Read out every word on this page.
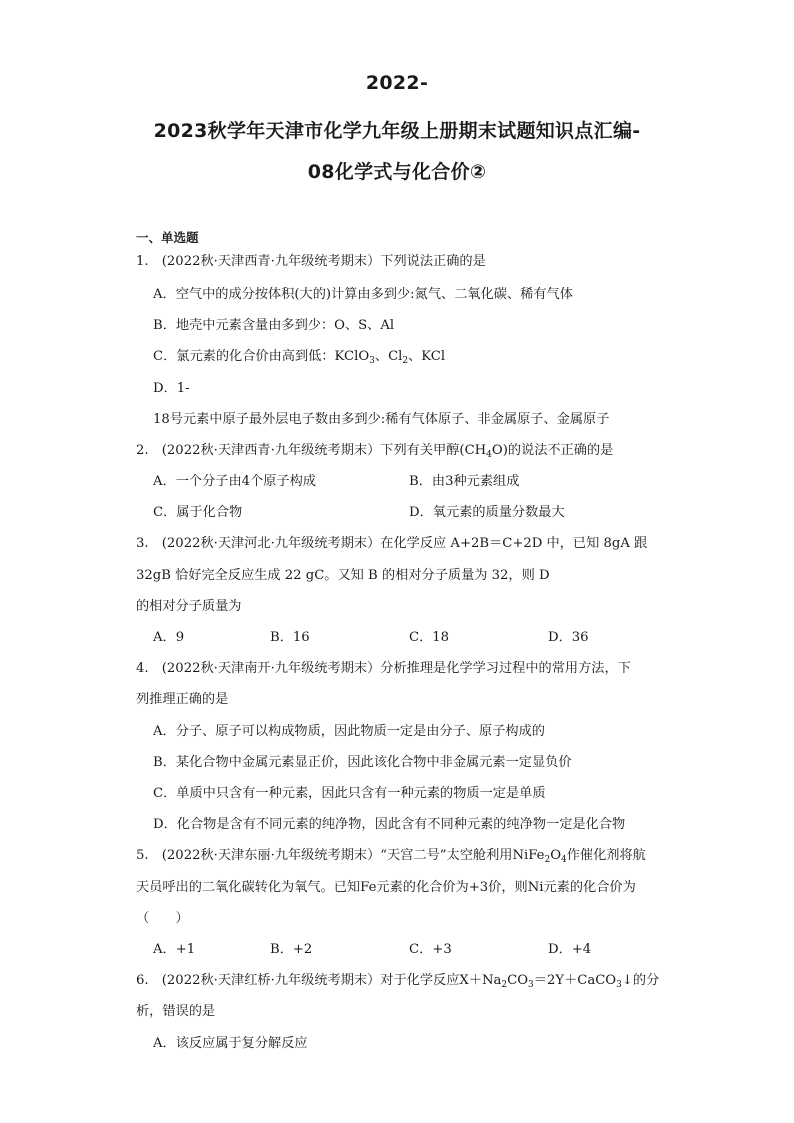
2022-
2023秋学年天津市化学九年级上册期末试题知识点汇编-
08化学式与化合价②
一、单选题
1.　(2022秋·天津西青·九年级统考期末）下列说法正确的是
A．空气中的成分按体积(大的)计算由多到少:氮气、二氧化碳、稀有气体
B．地壳中元素含量由多到少：O、S、Al
C．氯元素的化合价由高到低：KClO$_3$、$Cl_2$、KCl
D．1-
18号元素中原子最外层电子数由多到少:稀有气体原子、非金属原子、金属原子
2.　(2022秋·天津西青·九年级统考期末）下列有关甲醇$(CH_4O)$的说法不正确的是
A．一个分子由4个原子构成	B．由3种元素组成
C．属于化合物	D．氧元素的质量分数最大
3.　(2022秋·天津河北·九年级统考期末）在化学反应 A+2B＝C+2D 中，已知 8gA 跟
32gB 恰好完全反应生成 22 gC。又知 B 的相对分子质量为 32，则 D
的相对分子质量为
A．9	B．16	C．18	D．36
4.　(2022秋·天津南开·九年级统考期末）分析推理是化学学习过程中的常用方法，下
列推理正确的是
A．分子、原子可以构成物质，因此物质一定是由分子、原子构成的
B．某化合物中金属元素显正价，因此该化合物中非金属元素一定显负价
C．单质中只含有一种元素，因此只含有一种元素的物质一定是单质
D．化合物是含有不同元素的纯净物，因此含有不同种元素的纯净物一定是化合物
5.　(2022秋·天津东丽·九年级统考期末）“天宫二号”太空舱利用$NiFe_2O_4$作催化剂将航
天员呼出的二氧化碳转化为氧气。已知Fe元素的化合价为+3价，则Ni元素的化合价为
（　　）
A．+1	B．+2	C．+3	D．+4
6.　(2022秋·天津红桥·九年级统考期末）对于化学反应$X+Na_2CO_3=2Y+CaCO_3↓$的分
析，错误的是
A．该反应属于复分解反应
